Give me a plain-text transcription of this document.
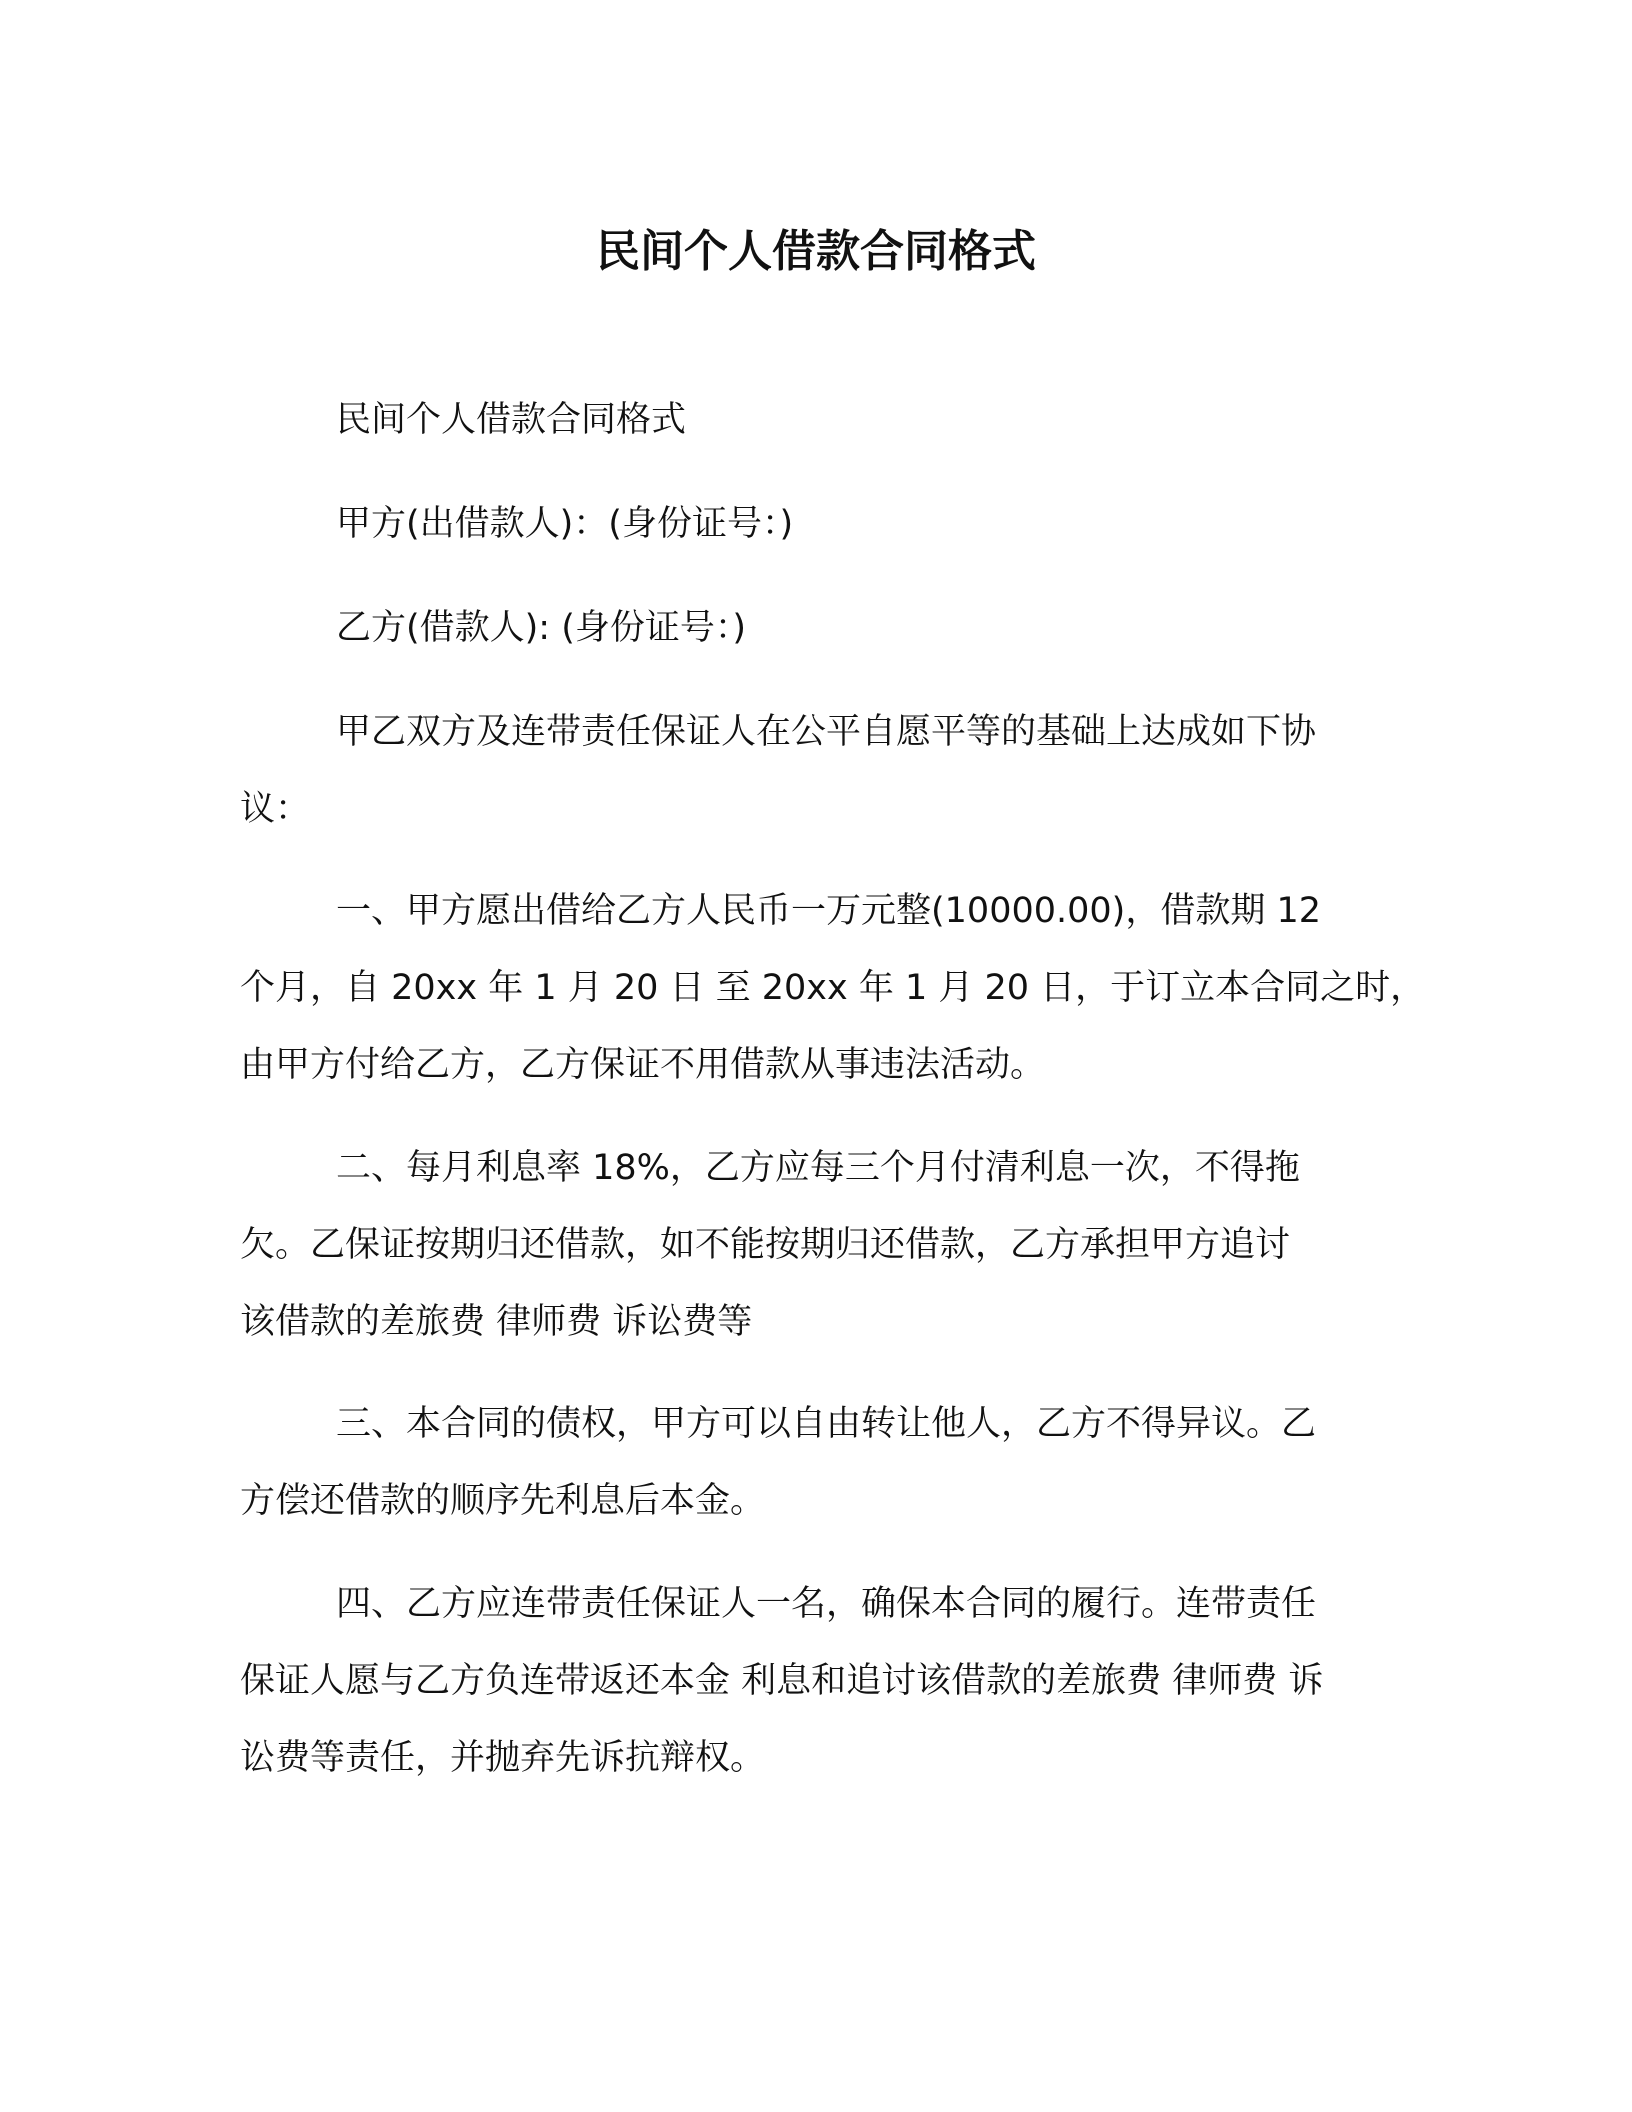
民间个人借款合同格式

民间个人借款合同格式

甲方(出借款人)：(身份证号：)

乙方(借款人): (身份证号：)

甲乙双方及连带责任保证人在公平自愿平等的基础上达成如下协
议：

一、甲方愿出借给乙方人民币一万元整(10000.00)，借款期 12
个月，自 20xx 年 1 月 20 日 至 20xx 年 1 月 20 日，于订立本合同之时，
由甲方付给乙方，乙方保证不用借款从事违法活动。

二、每月利息率 18%，乙方应每三个月付清利息一次，不得拖
欠。乙保证按期归还借款，如不能按期归还借款，乙方承担甲方追讨
该借款的差旅费 律师费 诉讼费等

三、本合同的债权，甲方可以自由转让他人，乙方不得异议。乙
方偿还借款的顺序先利息后本金。

四、乙方应连带责任保证人一名，确保本合同的履行。连带责任
保证人愿与乙方负连带返还本金 利息和追讨该借款的差旅费 律师费 诉
讼费等责任，并抛弃先诉抗辩权。
